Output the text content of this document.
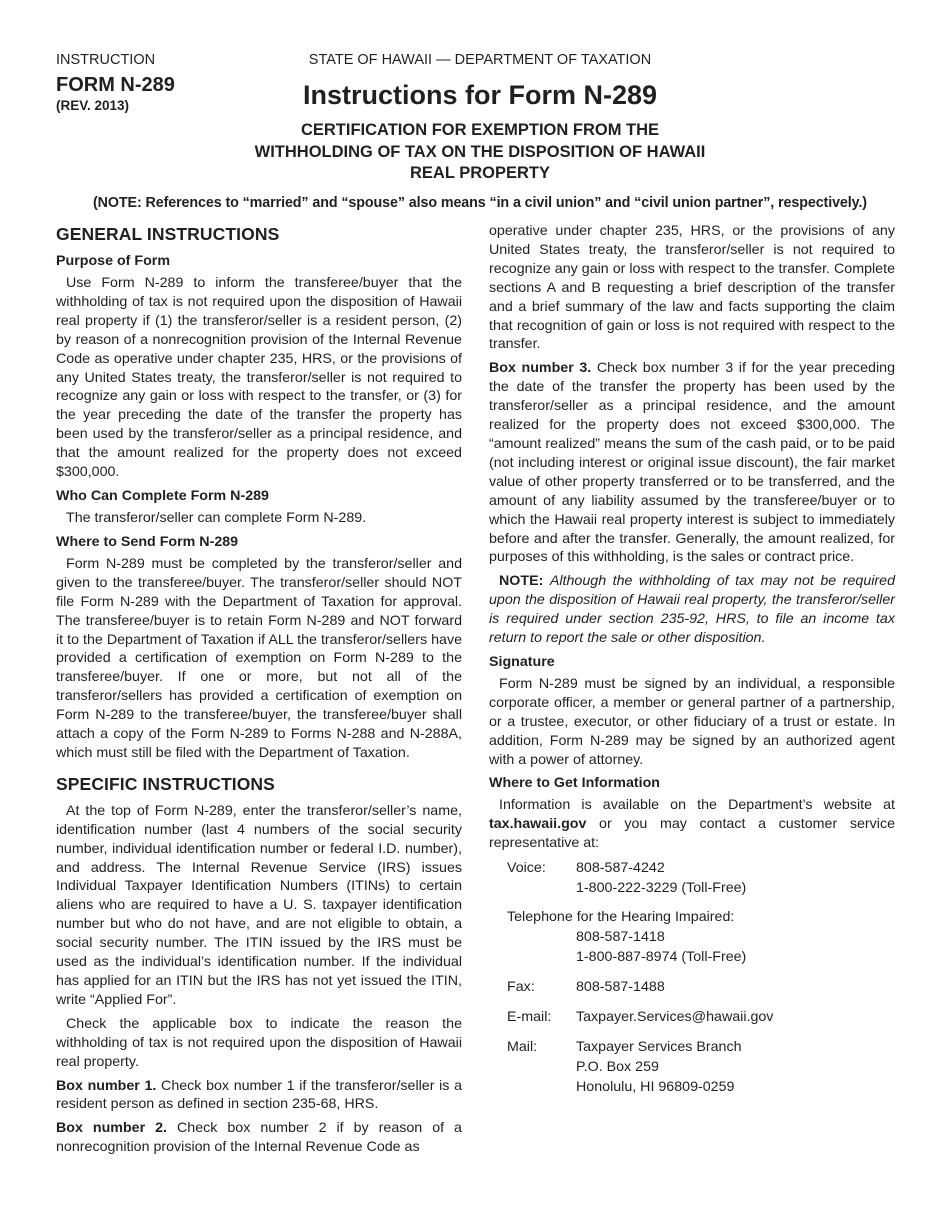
INSTRUCTION
FORM N-289
(REV. 2013)
STATE OF HAWAII — DEPARTMENT OF TAXATION
Instructions for Form N-289
CERTIFICATION FOR EXEMPTION FROM THE
WITHHOLDING OF TAX ON THE DISPOSITION OF HAWAII
REAL PROPERTY
(NOTE: References to “married” and “spouse” also means “in a civil union” and “civil union partner”, respectively.)
GENERAL INSTRUCTIONS
Purpose of Form

Use Form N-289 to inform the transferee/buyer that the withholding of tax is not required upon the disposition of Hawaii real property if (1) the transferor/seller is a resident person, (2) by reason of a nonrecognition provision of the Internal Revenue Code as operative under chapter 235, HRS, or the provisions of any United States treaty, the transferor/seller is not required to recognize any gain or loss with respect to the transfer, or (3) for the year preceding the date of the transfer the property has been used by the transferor/seller as a principal residence, and that the amount realized for the property does not exceed $300,000.

Who Can Complete Form N-289

The transferor/seller can complete Form N-289.

Where to Send Form N-289

Form N-289 must be completed by the transferor/seller and given to the transferee/buyer. The transferor/seller should NOT file Form N-289 with the Department of Taxation for approval. The transferee/buyer is to retain Form N-289 and NOT forward it to the Department of Taxation if ALL the transferor/sellers have provided a certification of exemption on Form N-289 to the transferee/buyer. If one or more, but not all of the transferor/sellers has provided a certification of exemption on Form N-289 to the transferee/buyer, the transferee/buyer shall attach a copy of the Form N-289 to Forms N-288 and N-288A, which must still be filed with the Department of Taxation.

SPECIFIC INSTRUCTIONS

At the top of Form N-289, enter the transferor/seller’s name, identification number (last 4 numbers of the social security number, individual identification number or federal I.D. number), and address. The Internal Revenue Service (IRS) issues Individual Taxpayer Identification Numbers (ITINs) to certain aliens who are required to have a U. S. taxpayer identification number but who do not have, and are not eligible to obtain, a social security number. The ITIN issued by the IRS must be used as the individual’s identification number. If the individual has applied for an ITIN but the IRS has not yet issued the ITIN, write “Applied For”.

Check the applicable box to indicate the reason the withholding of tax is not required upon the disposition of Hawaii real property.

Box number 1. Check box number 1 if the transferor/seller is a resident person as defined in section 235-68, HRS.

Box number 2. Check box number 2 if by reason of a nonrecognition provision of the Internal Revenue Code as

operative under chapter 235, HRS, or the provisions of any United States treaty, the transferor/seller is not required to recognize any gain or loss with respect to the transfer. Complete sections A and B requesting a brief description of the transfer and a brief summary of the law and facts supporting the claim that recognition of gain or loss is not required with respect to the transfer.

Box number 3. Check box number 3 if for the year preceding the date of the transfer the property has been used by the transferor/seller as a principal residence, and the amount realized for the property does not exceed $300,000. The “amount realized” means the sum of the cash paid, or to be paid (not including interest or original issue discount), the fair market value of other property transferred or to be transferred, and the amount of any liability assumed by the transferee/buyer or to which the Hawaii real property interest is subject to immediately before and after the transfer. Generally, the amount realized, for purposes of this withholding, is the sales or contract price.

NOTE: Although the withholding of tax may not be required upon the disposition of Hawaii real property, the transferor/seller is required under section 235-92, HRS, to file an income tax return to report the sale or other disposition.

Signature

Form N-289 must be signed by an individual, a responsible corporate officer, a member or general partner of a partnership, or a trustee, executor, or other fiduciary of a trust or estate. In addition, Form N-289 may be signed by an authorized agent with a power of attorney.

Where to Get Information

Information is available on the Department’s website at tax.hawaii.gov or you may contact a customer service representative at:

Voice:	808-587-4242
1-800-222-3229 (Toll-Free)
Telephone for the Hearing Impaired:
808-587-1418
1-800-887-8974 (Toll-Free)
Fax:	808-587-1488
E-mail:	Taxpayer.Services@hawaii.gov
Mail:	Taxpayer Services Branch
P.O. Box 259
Honolulu, HI 96809-0259
